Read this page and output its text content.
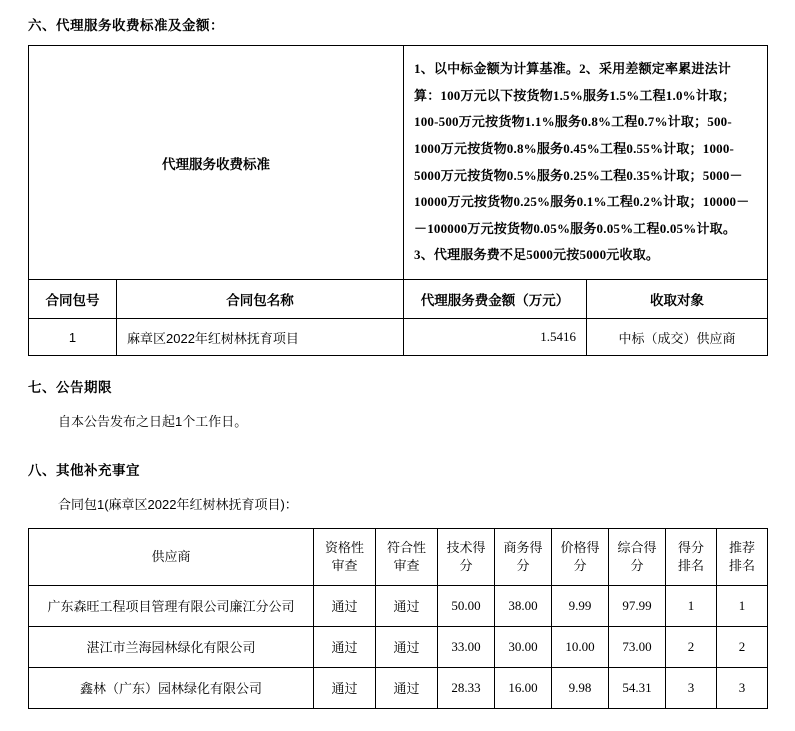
六、代理服务收费标准及金额：
代理服务收费标准		1、以中标金额为计算基准。2、采用差额定率累进法计算：100万元以下按货物1.5%服务1.5%工程1.0%计取；100-500万元按货物1.1%服务0.8%工程0.7%计取；500-1000万元按货物0.8%服务0.45%工程0.55%计取；1000-5000万元按货物0.5%服务0.25%工程0.35%计取；5000－10000万元按货物0.25%服务0.1%工程0.2%计取；10000－－100000万元按货物0.05%服务0.05%工程0.05%计取。3、代理服务费不足5000元按5000元收取。	
合同包号	合同包名称	代理服务费金额（万元）	收取对象
1	麻章区2022年红树林抚育项目	1.5416	中标（成交）供应商
七、公告期限

自本公告发布之日起1个工作日。

八、其他补充事宜

合同包1(麻章区2022年红树林抚育项目)：

供应商	资格性审查	符合性审查	技术得分	商务得分	价格得分	综合得分	得分排名	推荐排名
广东森旺工程项目管理有限公司廉江分公司	通过	通过	50.00	38.00	9.99	97.99	1	1
湛江市兰海园林绿化有限公司	通过	通过	33.00	30.00	10.00	73.00	2	2
鑫林（广东）园林绿化有限公司	通过	通过	28.33	16.00	9.98	54.31	3	3
